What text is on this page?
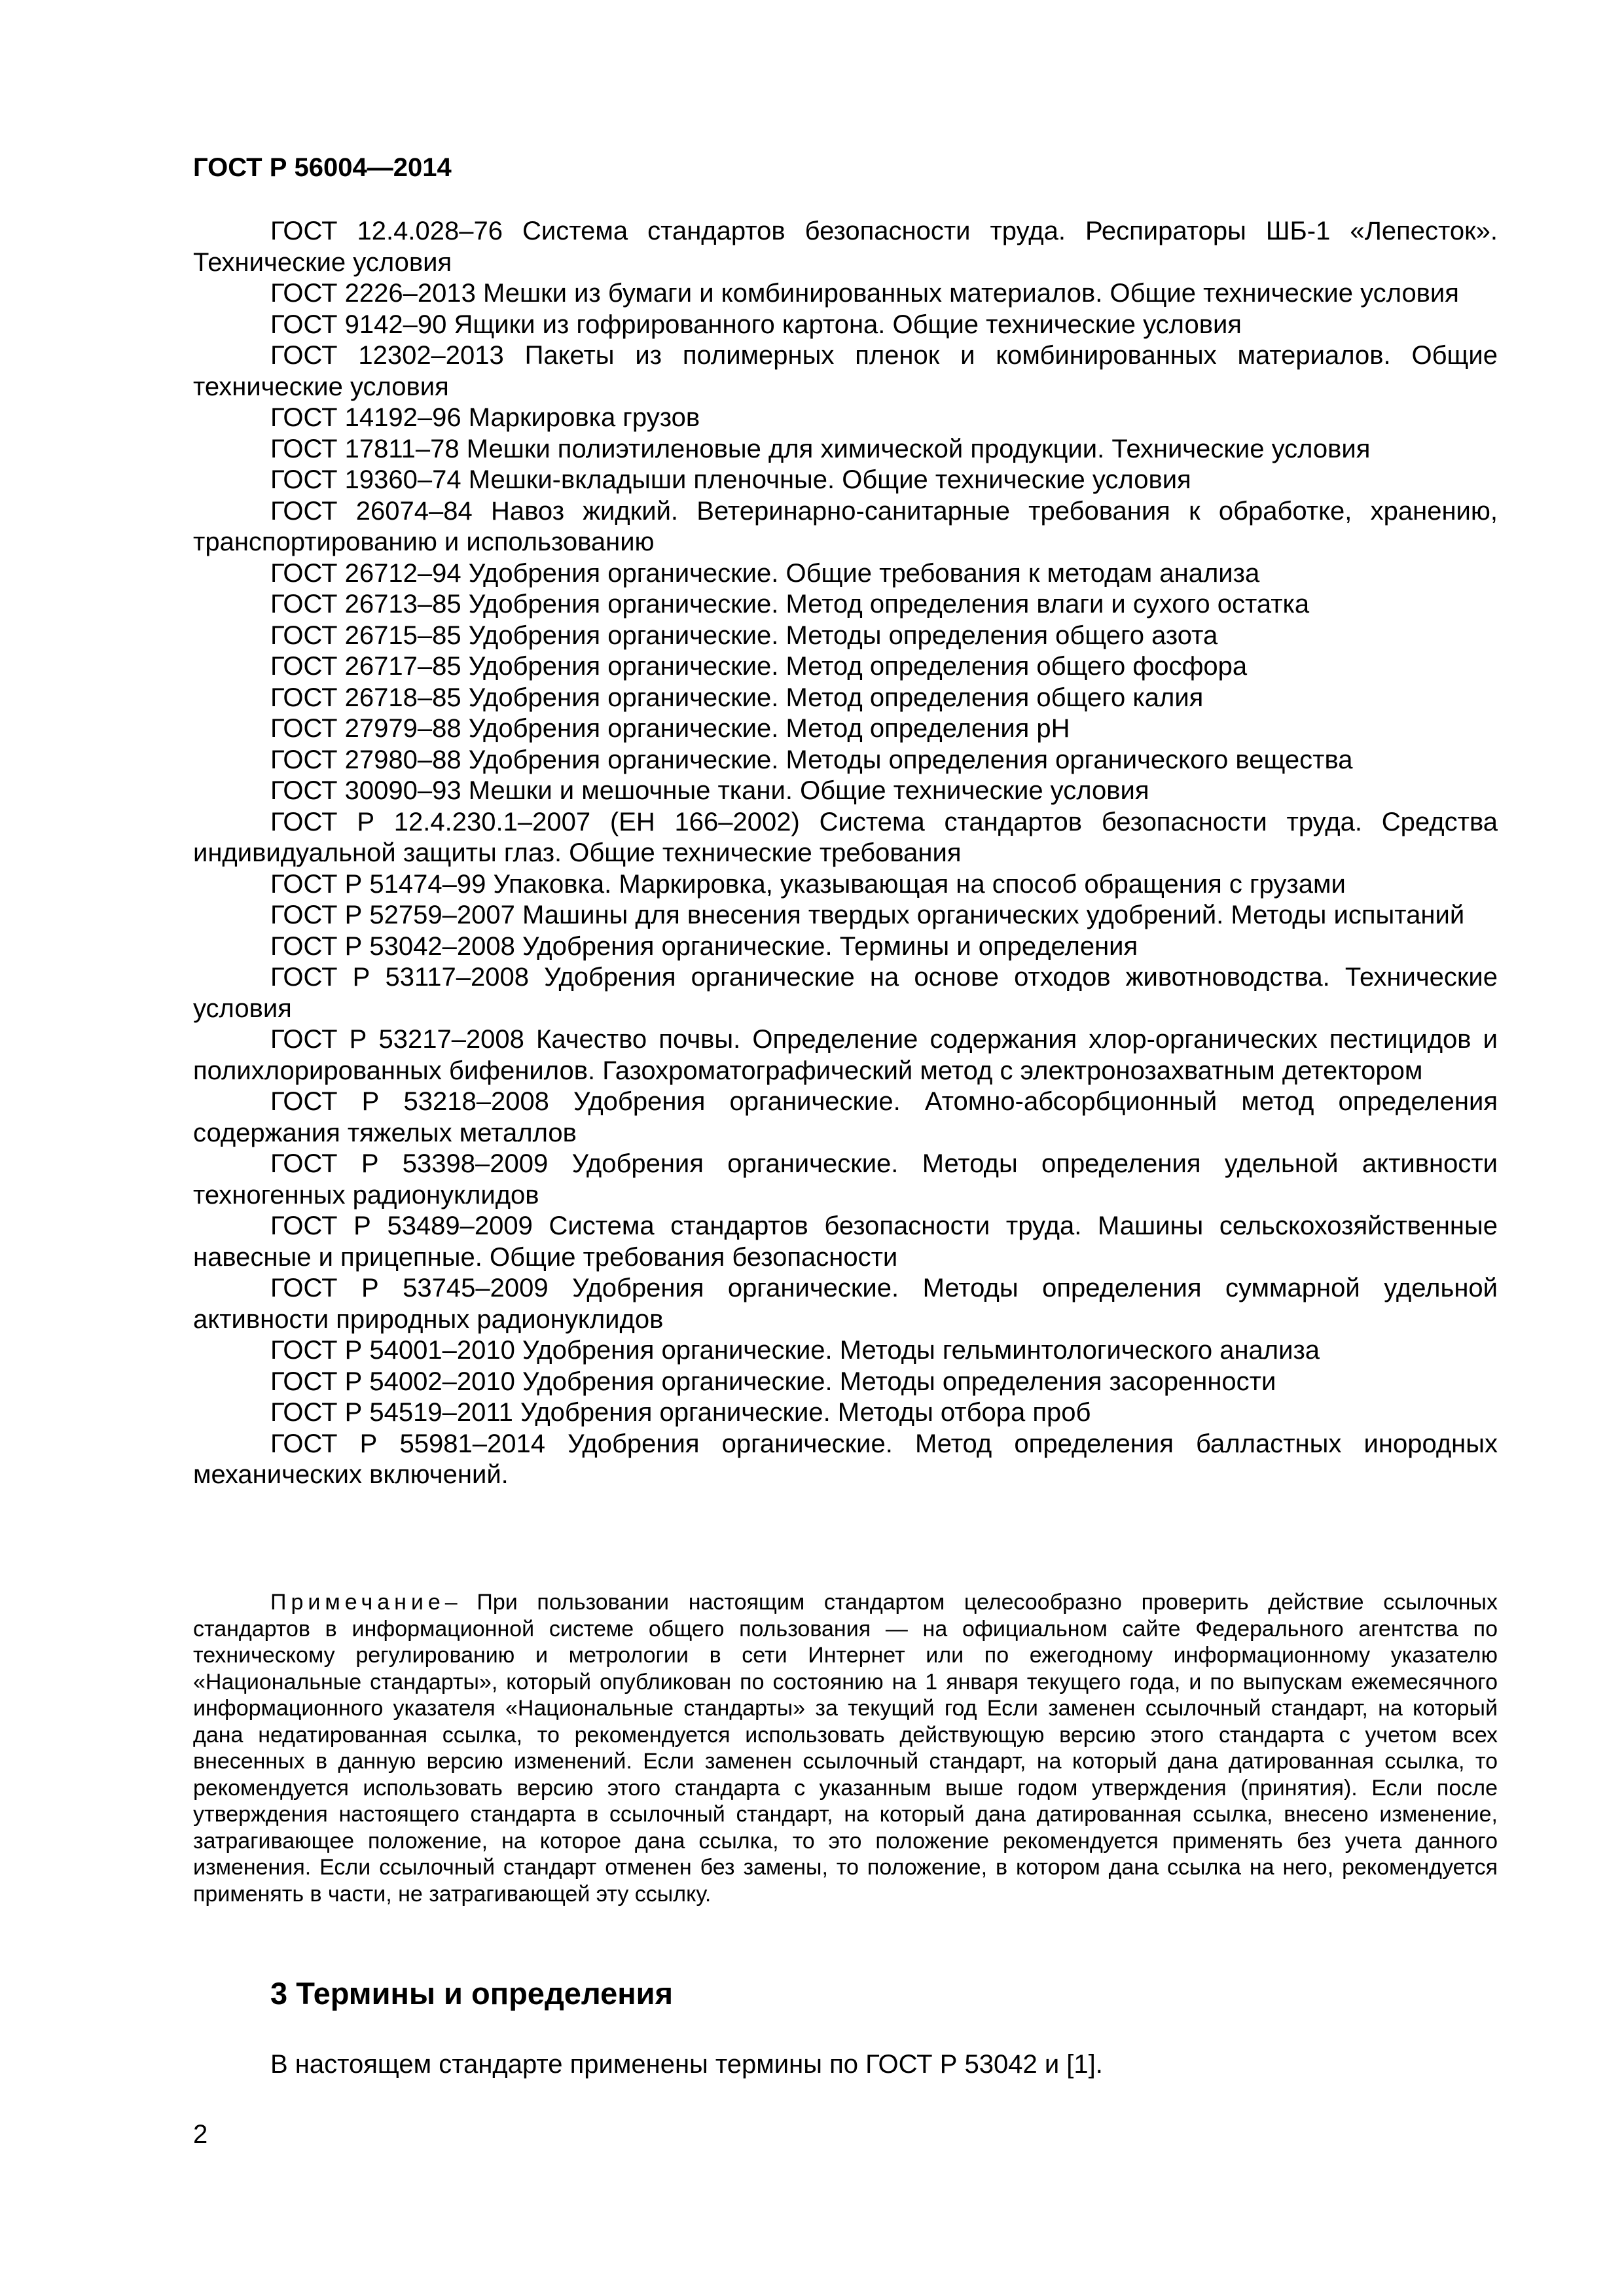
ГОСТ Р 56004—2014
ГОСТ 12.4.028–76 Система стандартов безопасности труда. Респираторы ШБ-1 «Лепесток». Технические условия
ГОСТ 2226–2013 Мешки из бумаги и комбинированных материалов. Общие технические условия
ГОСТ 9142–90 Ящики из гофрированного картона. Общие технические условия
ГОСТ 12302–2013 Пакеты из полимерных пленок и комбинированных материалов. Общие технические условия
ГОСТ 14192–96 Маркировка грузов
ГОСТ 17811–78 Мешки полиэтиленовые для химической продукции. Технические условия
ГОСТ 19360–74 Мешки-вкладыши пленочные. Общие технические условия
ГОСТ 26074–84 Навоз жидкий. Ветеринарно-санитарные требования к обработке, хранению, транспортированию и использованию
ГОСТ 26712–94 Удобрения органические. Общие требования к методам анализа
ГОСТ 26713–85 Удобрения органические. Метод определения влаги и сухого остатка
ГОСТ 26715–85 Удобрения органические. Методы определения общего азота
ГОСТ 26717–85 Удобрения органические. Метод определения общего фосфора
ГОСТ 26718–85 Удобрения органические. Метод определения общего калия
ГОСТ 27979–88 Удобрения органические. Метод определения pH
ГОСТ 27980–88 Удобрения органические. Методы определения органического вещества
ГОСТ 30090–93 Мешки и мешочные ткани. Общие технические условия
ГОСТ Р 12.4.230.1–2007 (ЕН 166–2002) Система стандартов безопасности труда. Средства индивидуальной защиты глаз. Общие технические требования
ГОСТ Р 51474–99 Упаковка. Маркировка, указывающая на способ обращения с грузами
ГОСТ Р 52759–2007 Машины для внесения твердых органических удобрений. Методы испытаний
ГОСТ Р 53042–2008 Удобрения органические. Термины и определения
ГОСТ Р 53117–2008 Удобрения органические на основе отходов животноводства. Технические условия
ГОСТ Р 53217–2008 Качество почвы. Определение содержания хлор-органических пестицидов и полихлорированных бифенилов. Газохроматографический метод с электронозахватным детектором
ГОСТ Р 53218–2008 Удобрения органические. Атомно-абсорбционный метод определения содержания тяжелых металлов
ГОСТ Р 53398–2009 Удобрения органические. Методы определения удельной активности техногенных радионуклидов
ГОСТ Р 53489–2009 Система стандартов безопасности труда. Машины сельскохозяйственные навесные и прицепные. Общие требования безопасности
ГОСТ Р 53745–2009 Удобрения органические. Методы определения суммарной удельной активности природных радионуклидов
ГОСТ Р 54001–2010 Удобрения органические. Методы гельминтологического анализа
ГОСТ Р 54002–2010 Удобрения органические. Методы определения засоренности
ГОСТ Р 54519–2011 Удобрения органические. Методы отбора проб
ГОСТ Р 55981–2014 Удобрения органические. Метод определения балластных инородных механических включений.

Примечание– При пользовании настоящим стандартом целесообразно проверить действие ссылочных стандартов в информационной системе общего пользования — на официальном сайте Федерального агентства по техническому регулированию и метрологии в сети Интернет или по ежегодному информационному указателю «Национальные стандарты», который опубликован по состоянию на 1 января текущего года, и по выпускам ежемесячного информационного указателя «Национальные стандарты» за текущий год Если заменен ссылочный стандарт, на который дана недатированная ссылка, то рекомендуется использовать действующую версию этого стандарта с учетом всех внесенных в данную версию изменений. Если заменен ссылочный стандарт, на который дана датированная ссылка, то рекомендуется использовать версию этого стандарта с указанным выше годом утверждения (принятия). Если после утверждения настоящего стандарта в ссылочный стандарт, на который дана датированная ссылка, внесено изменение, затрагивающее положение, на которое дана ссылка, то это положение рекомендуется применять без учета данного изменения. Если ссылочный стандарт отменен без замены, то положение, в котором дана ссылка на него, рекомендуется применять в части, не затрагивающей эту ссылку.

3 Термины и определения

В настоящем стандарте применены термины по ГОСТ Р 53042 и [1].

2
